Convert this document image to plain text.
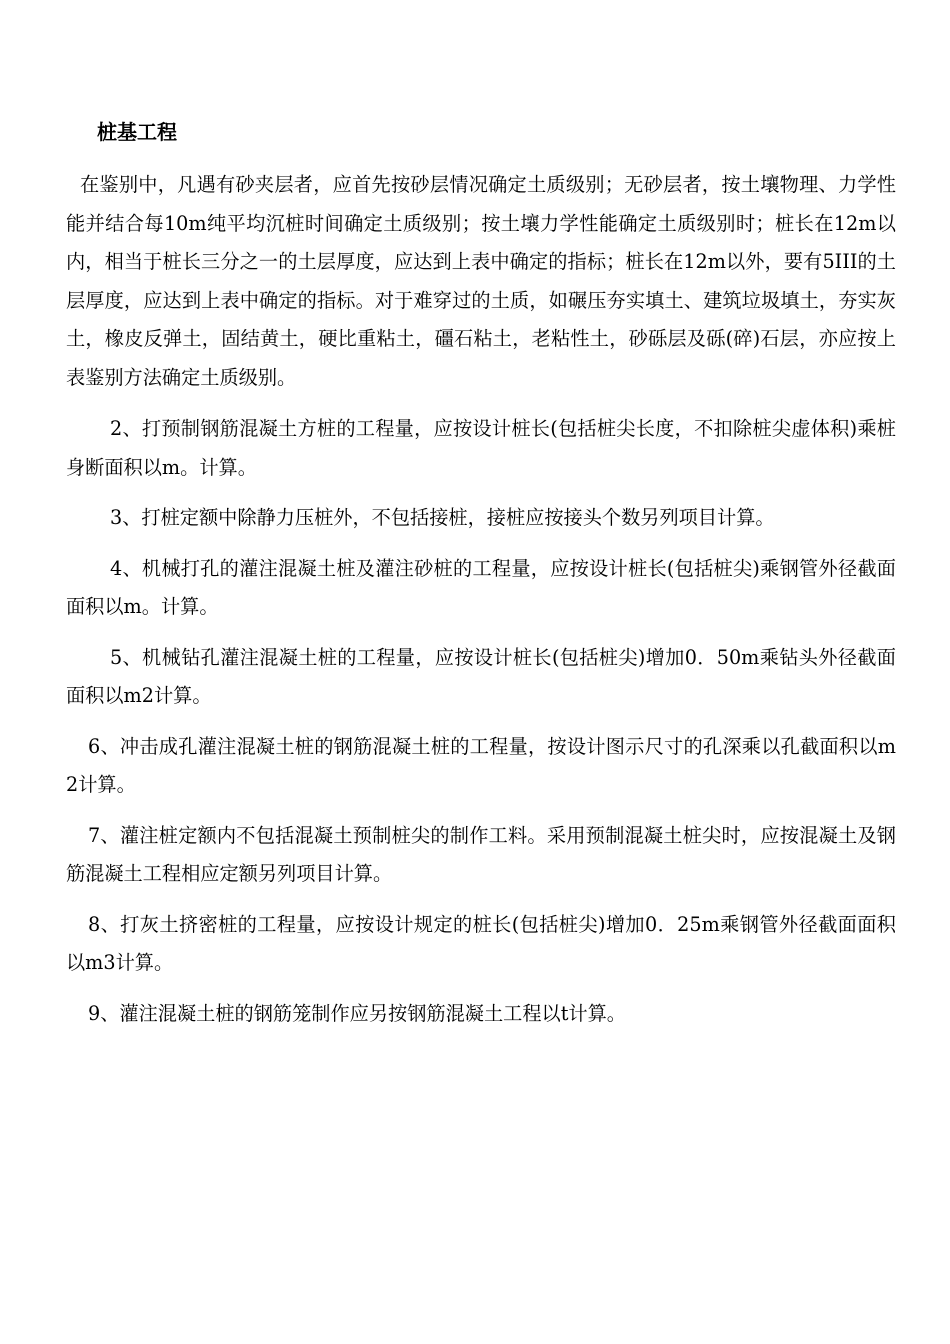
桩基工程

在鉴别中，凡遇有砂夹层者，应首先按砂层情况确定土质级别；无砂层者，按土壤物理、力学性能并结合每10m纯平均沉桩时间确定土质级别；按土壤力学性能确定土质级别时；桩长在12m以内，相当于桩长三分之一的土层厚度，应达到上表中确定的指标；桩长在12m以外，要有5III的土层厚度，应达到上表中确定的指标。对于难穿过的土质，如碾压夯实填土、建筑垃圾填土，夯实灰土，橡皮反弹土，固结黄土，硬比重粘土，礓石粘土，老粘性土，砂砾层及砾(碎)石层，亦应按上表鉴别方法确定土质级别。

2、打预制钢筋混凝土方桩的工程量，应按设计桩长(包括桩尖长度，不扣除桩尖虚体积)乘桩身断面积以m。计算。

3、打桩定额中除静力压桩外，不包括接桩，接桩应按接头个数另列项目计算。

4、机械打孔的灌注混凝土桩及灌注砂桩的工程量，应按设计桩长(包括桩尖)乘钢管外径截面面积以m。计算。

5、机械钻孔灌注混凝土桩的工程量，应按设计桩长(包括桩尖)增加0．50m乘钻头外径截面面积以m2计算。

6、冲击成孔灌注混凝土桩的钢筋混凝土桩的工程量，按设计图示尺寸的孔深乘以孔截面积以m2计算。

7、灌注桩定额内不包括混凝土预制桩尖的制作工料。采用预制混凝土桩尖时，应按混凝土及钢筋混凝土工程相应定额另列项目计算。

8、打灰土挤密桩的工程量，应按设计规定的桩长(包括桩尖)增加0．25m乘钢管外径截面面积以m3计算。

9、灌注混凝土桩的钢筋笼制作应另按钢筋混凝土工程以t计算。
